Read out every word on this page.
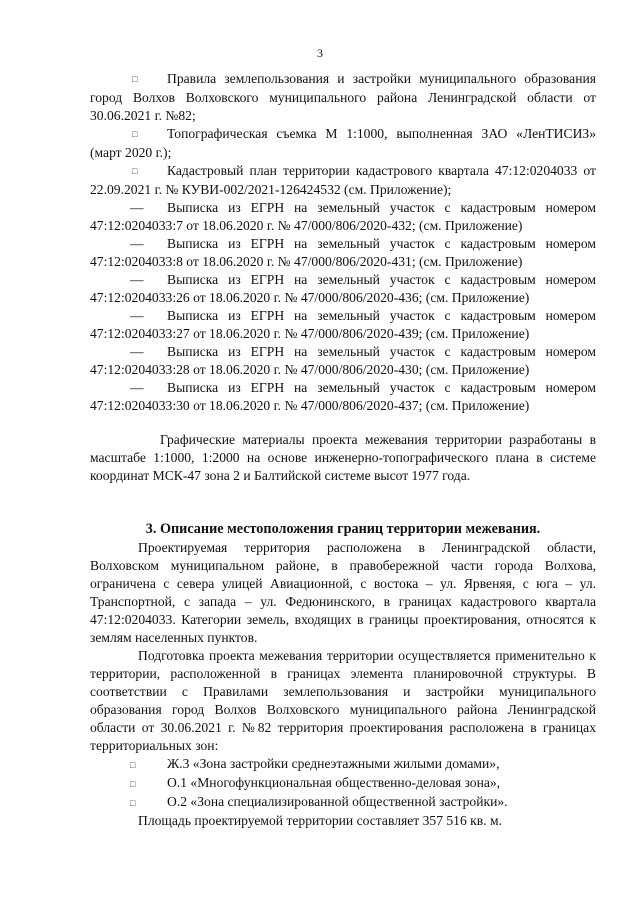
3

□Правила землепользования и застройки муниципального образования город Волхов Волховского муниципального района Ленинградской области от 30.06.2021 г. №82;

□Топографическая съемка М 1:1000, выполненная ЗАО «ЛенТИСИЗ» (март 2020 г.);

□Кадастровый план территории кадастрового квартала 47:12:0204033 от 22.09.2021 г. № КУВИ-002/2021-126424532 (см. Приложение);

—Выписка из ЕГРН на земельный участок с кадастровым номером 47:12:0204033:7 от 18.06.2020 г. № 47/000/806/2020-432; (см. Приложение)

—Выписка из ЕГРН на земельный участок с кадастровым номером 47:12:0204033:8 от 18.06.2020 г. № 47/000/806/2020-431; (см. Приложение)

—Выписка из ЕГРН на земельный участок с кадастровым номером 47:12:0204033:26 от 18.06.2020 г. № 47/000/806/2020-436; (см. Приложение)

—Выписка из ЕГРН на земельный участок с кадастровым номером 47:12:0204033:27 от 18.06.2020 г. № 47/000/806/2020-439; (см. Приложение)

—Выписка из ЕГРН на земельный участок с кадастровым номером 47:12:0204033:28 от 18.06.2020 г. № 47/000/806/2020-430; (см. Приложение)

—Выписка из ЕГРН на земельный участок с кадастровым номером 47:12:0204033:30 от 18.06.2020 г. № 47/000/806/2020-437; (см. Приложение)

Графические материалы проекта межевания территории разработаны в масштабе 1:1000, 1:2000 на основе инженерно-топографического плана в системе координат МСК-47 зона 2 и Балтийской системе высот 1977 года.

3. Описание местоположения границ территории межевания.

Проектируемая территория расположена в Ленинградской области, Волховском муниципальном районе, в правобережной части города Волхова, ограничена с севера улицей Авиационной, с востока – ул. Ярвеняя, с юга – ул. Транспортной, с запада – ул. Федюнинского, в границах кадастрового квартала 47:12:0204033. Категории земель, входящих в границы проектирования, относятся к землям населенных пунктов.

Подготовка проекта межевания территории осуществляется применительно к территории, расположенной в границах элемента планировочной структуры. В соответствии с Правилами землепользования и застройки муниципального образования город Волхов Волховского муниципального района Ленинградской области от 30.06.2021 г. №82 территория проектирования расположена в границах территориальных зон:

□Ж.3 «Зона застройки среднеэтажными жилыми домами»,

□О.1 «Многофункциональная общественно-деловая зона»,

□О.2 «Зона специализированной общественной застройки».

Площадь проектируемой территории составляет 357 516 кв. м.
